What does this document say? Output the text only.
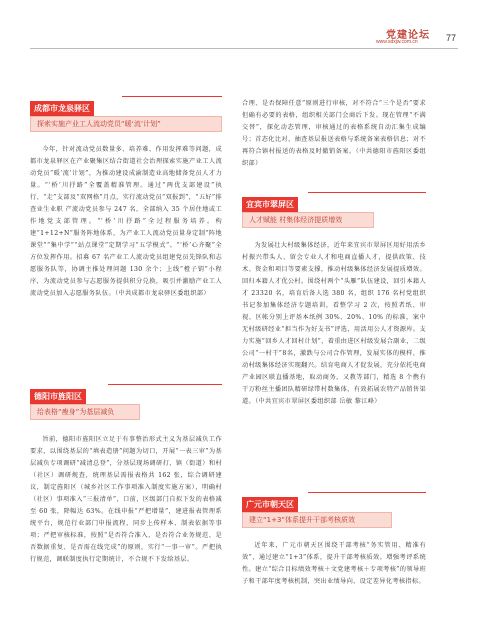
党建论坛
www.sdxjw.com.cn	77
成都市龙泉驿区
探索实施产业工人流动党员“暖‘流’计划”

今年，针对流动党员数量多、培养难、作用发挥难等问题，成都市龙泉驿区在产业聚集区结合街道社会治理探索实施产业工人流动党员“暖‘流’计划”，为推动建设成渝制造业高地储备党员人才力量。“‘桥’川抒路”全覆盖精准管理。通过“两优支部建设”执行、“走”支部及“双网格”月点，实行流动党员“双报到”，“五好”排查业生业职 产流动党员参与 247 名，全部纳入 35 个居住地或工作地党支部管理。“‘桥’川抒路”全过程服务培养。构建“1+12+N”服务阵地体系，为产业工人流动党员量身定制“阵地课堂”“集中学”“站点课堂”定期学习“五学模式”。“‘桥’心齐聚”全方位发挥作用。招募 67 名产业工人流动党员组建党员先锋队和志愿服务队等，协调主推处理问题 130 余个；上线“橙子钥”小程序，为流动党员参与志愿服务提供积分兑换，吸引并激励产业工人流动党员加入志愿服务队伍。（中共成都市龙泉驿区委组织部）

德阳市旌阳区
给表格“瘦身”为基层减负

旨前，德阳市旌阳区立足于有事整治形式主义为基层减负工作要求，以围绕基层的“填表造册”问题为切口，开展“一表三审”为基层减负专项调研“减清总登”，分基层现场调研打、镇（街道）和村（社区）调研规查，统理基层需报表格共 162 张，综合调研建议，制定旌阳区（城乡社区工作事项准入制度实施方案），明确村（社区）事项准入“三报清单”，口前，区级部门自拟下发的表格减至 60 张，降幅达 63%。在线申报“严把增量”，建进报表管理系统平台，规范行业部门申报流程，同步上传样本、制表依据等事项；严把审核标准，按照“是否符合准入、是否符合业务规范、是否数据重复、是否需在线完成”的原则，实行“一事一审”。严把执行规范，调联制度执行定期统计，不合规不下发给基层。

合理、是否保障任意”原则进行审核，对不符合“三个是否”要求但确有必要的表格，组织相关部门会商后下发。现在管理“不满交替”，探化动态管理，审核通过的表格系统自动汇集生成编号；首态化比对、抽查基层报送表格与系统备案表格信息；对不再符合镇村报送的表格及时撤销备案。（中共德阳市旌阳区委组织部）

宜宾市翠屏区
人才赋能 村集体经济提质增效

为发展壮大村级集体经济，近年来宜宾市翠屏区用好用活乡村振兴带头人、留会专业人才和电商直播人才，提供政策、技术、资金和项目等要素支撑，推动村级集体经济发展提质增效。回归本籍人才优公村。围绕村两个“头雁”队伍建设，回引本籍人才 23320 名，培育后备人选 380 名，组织 176 名村党组织书记参加集体经济专题培训，看整学习 2 次，按照者纸、审视、区帐分别上评基本纸例 30%、20%、10% 的标准，案中无村级研经业“担当作为好支书”评选，用活用公人才资源库。支力实施“回乡人才回村计划”，着重由进区村级发展合副业，二级公司“一村干”8名，激跌与公司合作管理，发展实体的模样，推动村级集体经济实现翻兴。结育电商人才促发展，充分依托电商产业园区联直播基地，取动商务，又教等部门，精选 8 个携有干万粉丝主播团队精研绿带村数集体，有效拓展农特产品销售渠道。（中共宜宾市翠屏区委组织部 岳敏 黎江峰）

广元市朝天区
建立“1+3”体系提升干部考核质效

近年来，广元市朝天区围绕干部考核“务实管用、精准有效”，通过建立“1+3”体系，提升干部考核质效。增强考评系统性。建立“综合目标绩效考核＋文党建考核＋专项考核”的领导班子和干部年度考核机制，突出业绩导向，设定差异化考核指标。
